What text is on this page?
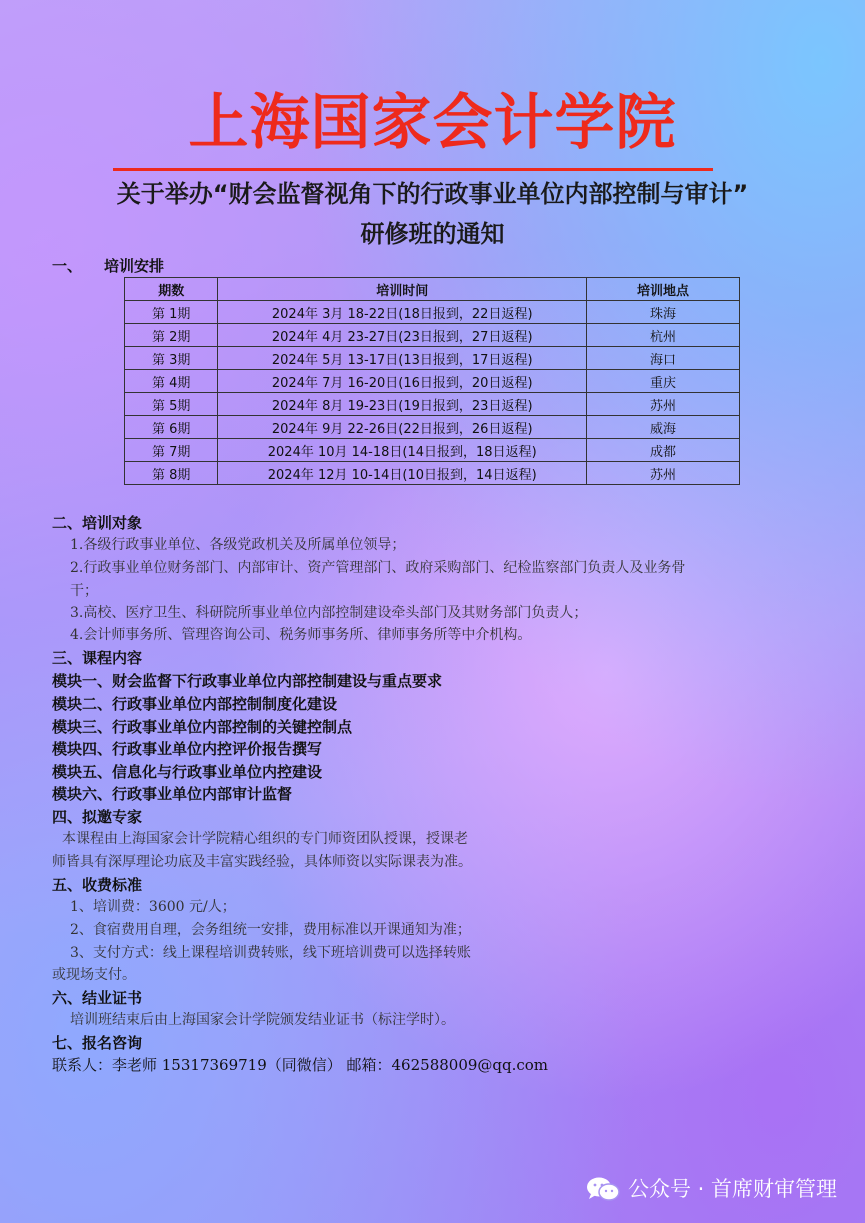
上海国家会计学院
关于举办“财会监督视角下的行政事业单位内部控制与审计”
研修班的通知
一、 培训安排
期数	培训时间	培训地点
第 1期	2024年 3月 18-22日(18日报到，22日返程)	珠海
第 2期	2024年 4月 23-27日(23日报到，27日返程)	杭州
第 3期	2024年 5月 13-17日(13日报到，17日返程)	海口
第 4期	2024年 7月 16-20日(16日报到，20日返程)	重庆
第 5期	2024年 8月 19-23日(19日报到，23日返程)	苏州
第 6期	2024年 9月 22-26日(22日报到，26日返程)	威海
第 7期	2024年 10月 14-18日(14日报到，18日返程)	成都
第 8期	2024年 12月 10-14日(10日报到，14日返程)	苏州
二、培训对象
1.各级行政事业单位、各级党政机关及所属单位领导；
2.行政事业单位财务部门、内部审计、资产管理部门、政府采购部门、纪检监察部门负责人及业务骨
干；
3.高校、医疗卫生、科研院所事业单位内部控制建设牵头部门及其财务部门负责人；
4.会计师事务所、管理咨询公司、税务师事务所、律师事务所等中介机构。
三、课程内容
模块一、财会监督下行政事业单位内部控制建设与重点要求
模块二、行政事业单位内部控制制度化建设
模块三、行政事业单位内部控制的关键控制点
模块四、行政事业单位内控评价报告撰写
模块五、信息化与行政事业单位内控建设
模块六、行政事业单位内部审计监督
四、拟邀专家
本课程由上海国家会计学院精心组织的专门师资团队授课，授课老
师皆具有深厚理论功底及丰富实践经验，具体师资以实际课表为准。
五、收费标准
1、培训费：3600 元/人；
2、食宿费用自理，会务组统一安排，费用标准以开课通知为准；
3、支付方式：线上课程培训费转账，线下班培训费可以选择转账
或现场支付。
六、结业证书
培训班结束后由上海国家会计学院颁发结业证书（标注学时）。
七、报名咨询
联系人：李老师 15317369719（同微信） 邮箱：462588009@qq.com
公众号 · 首席财审管理
